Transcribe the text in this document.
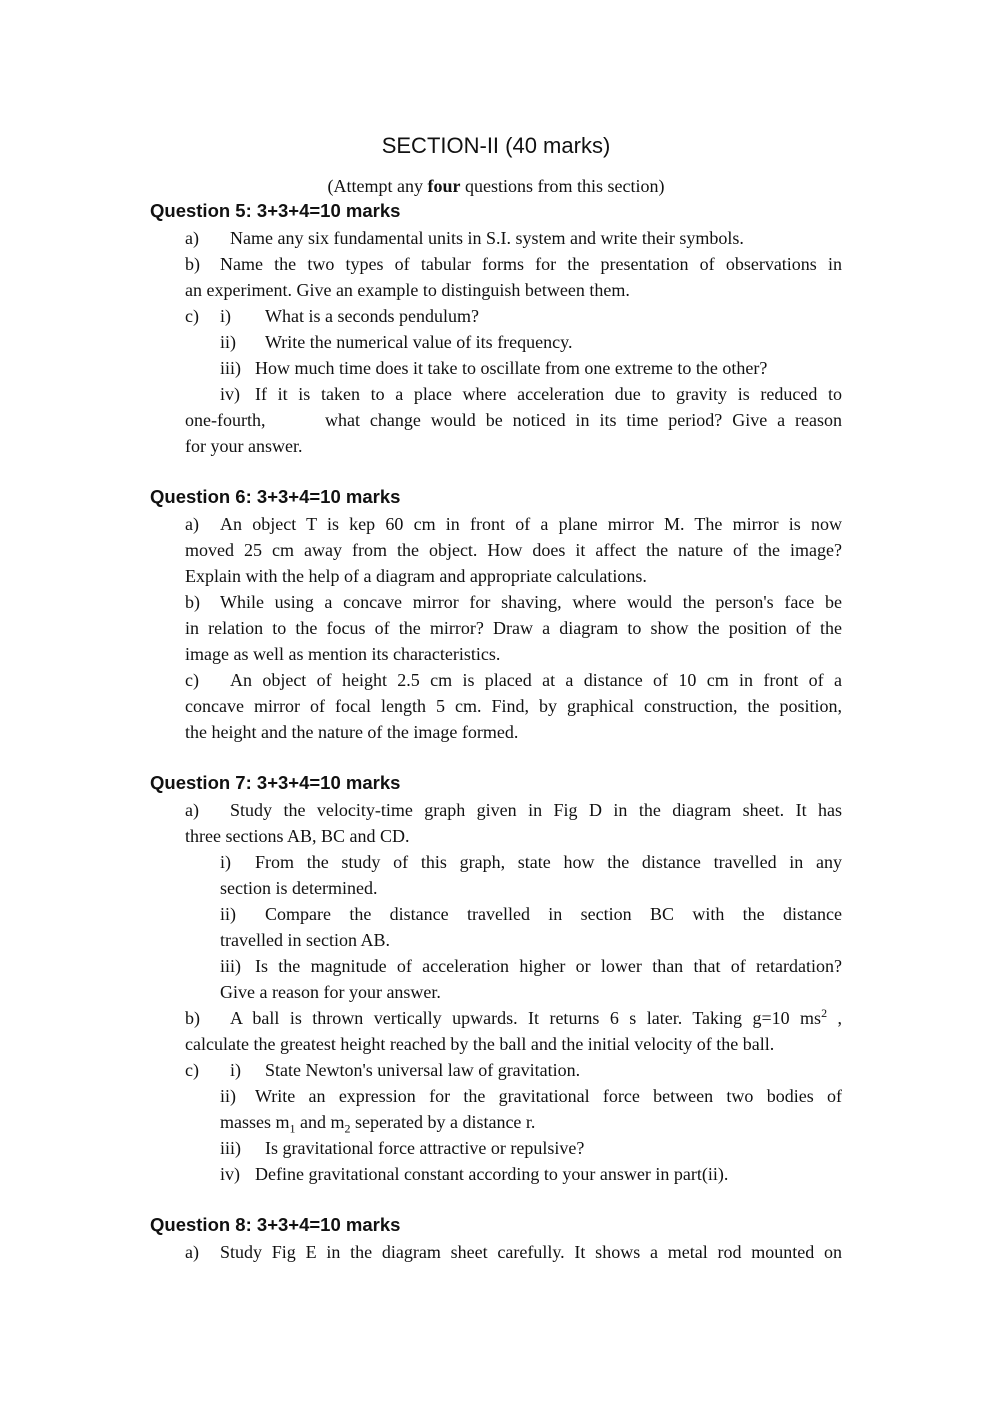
SECTION-II (40 marks)
(Attempt any four questions from this section)
Question 5: 3+3+4=10 marks
a) Name any six fundamental units in S.I. system and write their symbols.
b) Name the two types of tabular forms for the presentation of observations in
an experiment. Give an example to distinguish between them.
c) i) What is a seconds pendulum?
ii) Write the numerical value of its frequency.
iii) How much time does it take to oscillate from one extreme to the other?
iv) If it is taken to a place where acceleration due to gravity is reduced to
one-fourth,	what change would be noticed in its time period? Give a reason
for your answer.
Question 6: 3+3+4=10 marks
a) An object T is kep 60 cm in front of a plane mirror M. The mirror is now
moved 25 cm away from the object. How does it affect the nature of the image?
Explain with the help of a diagram and appropriate calculations.
b) While using a concave mirror for shaving, where would the person's face be
in relation to the focus of the mirror? Draw a diagram to show the position of the
image as well as mention its characteristics.
c) An object of height 2.5 cm is placed at a distance of 10 cm in front of a
concave mirror of focal length 5 cm. Find, by graphical construction, the position,
the height and the nature of the image formed.
Question 7: 3+3+4=10 marks
a) Study the velocity-time graph given in Fig D in the diagram sheet. It has
three sections AB, BC and CD.
i) From the study of this graph, state how the distance travelled in any
section is determined.
ii) Compare the distance travelled in section BC with the distance
travelled in section AB.
iii) Is the magnitude of acceleration higher or lower than that of retardation?
Give a reason for your answer.
b) A ball is thrown vertically upwards. It returns 6 s later. Taking g=10 $ms^2$ ,
calculate the greatest height reached by the ball and the initial velocity of the ball.
c) i) State Newton's universal law of gravitation.
ii) Write an expression for the gravitational force between two bodies of
masses $m_1$ and $m_2$ seperated by a distance r.
iii) Is gravitational force attractive or repulsive?
iv) Define gravitational constant according to your answer in part(ii).
Question 8: 3+3+4=10 marks
a) Study Fig E in the diagram sheet carefully. It shows a metal rod mounted on
